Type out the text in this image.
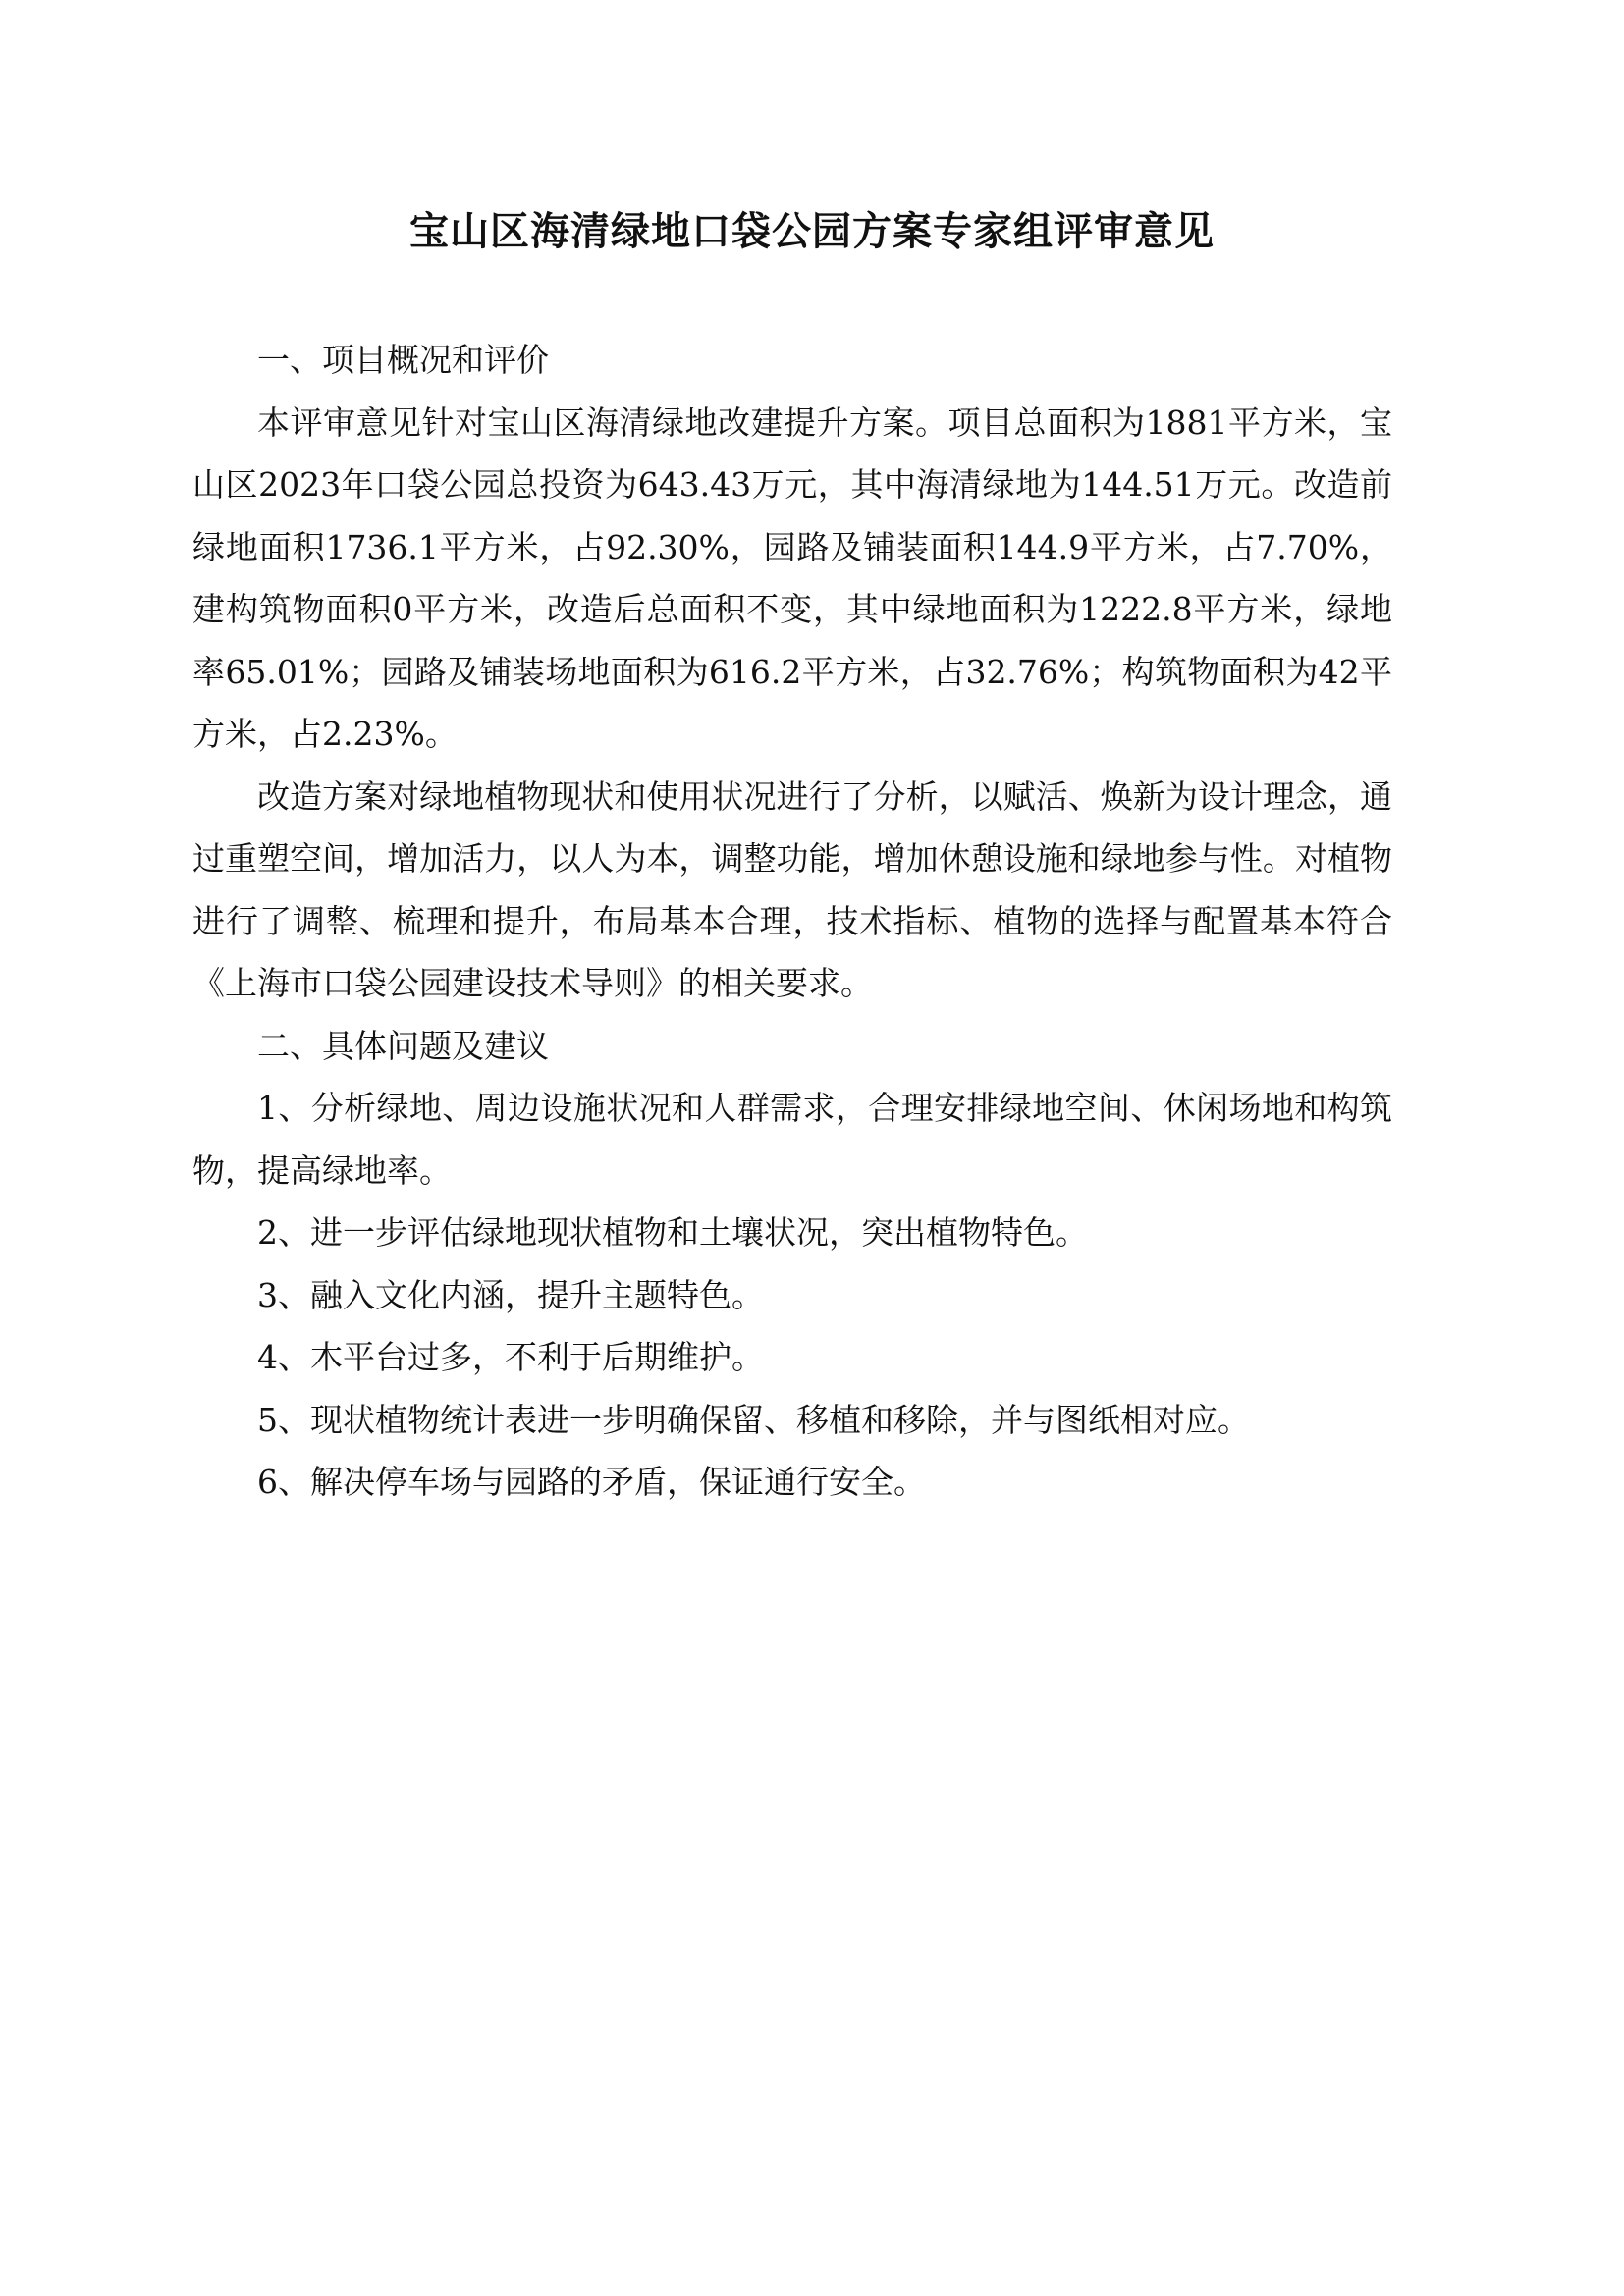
宝山区海清绿地口袋公园方案专家组评审意见

一、项目概况和评价

本评审意见针对宝山区海清绿地改建提升方案。项目总面积为1881平方米，宝山区2023年口袋公园总投资为643.43万元，其中海清绿地为144.51万元。改造前绿地面积1736.1平方米，占92.30%，园路及铺装面积144.9平方米，占7.70%，建构筑物面积0平方米，改造后总面积不变，其中绿地面积为1222.8平方米，绿地率65.01%；园路及铺装场地面积为616.2平方米，占32.76%；构筑物面积为42平方米，占2.23%。

改造方案对绿地植物现状和使用状况进行了分析，以赋活、焕新为设计理念，通过重塑空间，增加活力，以人为本，调整功能，增加休憩设施和绿地参与性。对植物进行了调整、梳理和提升，布局基本合理，技术指标、植物的选择与配置基本符合《上海市口袋公园建设技术导则》的相关要求。

二、具体问题及建议

1、分析绿地、周边设施状况和人群需求，合理安排绿地空间、休闲场地和构筑物，提高绿地率。

2、进一步评估绿地现状植物和土壤状况，突出植物特色。

3、融入文化内涵，提升主题特色。

4、木平台过多，不利于后期维护。

5、现状植物统计表进一步明确保留、移植和移除，并与图纸相对应。

6、解决停车场与园路的矛盾，保证通行安全。
